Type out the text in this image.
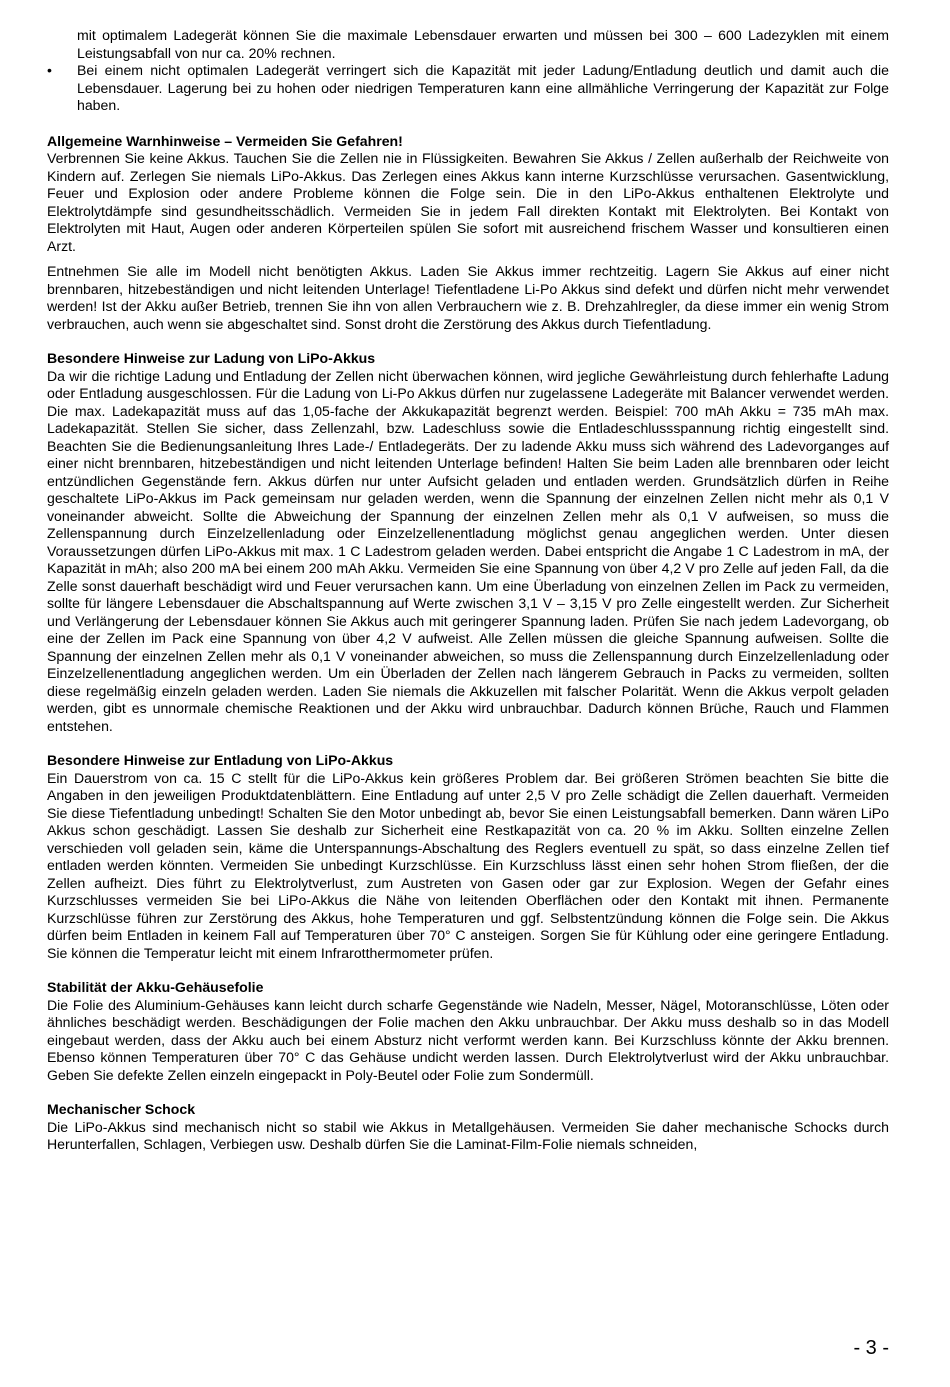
mit optimalem Ladegerät können Sie die maximale Lebensdauer erwarten und müssen bei 300 – 600 Ladezyklen mit einem Leistungsabfall von nur ca. 20% rechnen.
• Bei einem nicht optimalen Ladegerät verringert sich die Kapazität mit jeder Ladung/Entladung deutlich und damit auch die Lebensdauer. Lagerung bei zu hohen oder niedrigen Temperaturen kann eine allmähliche Verringerung der Kapazität zur Folge haben.

Allgemeine Warnhinweise – Vermeiden Sie Gefahren!

Verbrennen Sie keine Akkus. Tauchen Sie die Zellen nie in Flüssigkeiten. Bewahren Sie Akkus / Zellen außerhalb der Reichweite von Kindern auf. Zerlegen Sie niemals LiPo-Akkus. Das Zerlegen eines Akkus kann interne Kurzschlüsse verursachen. Gasentwicklung, Feuer und Explosion oder andere Probleme können die Folge sein. Die in den LiPo-Akkus enthaltenen Elektrolyte und Elektrolytdämpfe sind gesundheitsschädlich. Vermeiden Sie in jedem Fall direkten Kontakt mit Elektrolyten. Bei Kontakt von Elektrolyten mit Haut, Augen oder anderen Körperteilen spülen Sie sofort mit ausreichend frischem Wasser und konsultieren einen Arzt.

Entnehmen Sie alle im Modell nicht benötigten Akkus. Laden Sie Akkus immer rechtzeitig. Lagern Sie Akkus auf einer nicht brennbaren, hitzebeständigen und nicht leitenden Unterlage! Tiefentladene Li-Po Akkus sind defekt und dürfen nicht mehr verwendet werden! Ist der Akku außer Betrieb, trennen Sie ihn von allen Verbrauchern wie z. B. Drehzahlregler, da diese immer ein wenig Strom verbrauchen, auch wenn sie abgeschaltet sind. Sonst droht die Zerstörung des Akkus durch Tiefentladung.

Besondere Hinweise zur Ladung von LiPo-Akkus

Da wir die richtige Ladung und Entladung der Zellen nicht überwachen können, wird jegliche Gewährleistung durch fehlerhafte Ladung oder Entladung ausgeschlossen. Für die Ladung von Li-Po Akkus dürfen nur zugelassene Ladegeräte mit Balancer verwendet werden. Die max. Ladekapazität muss auf das 1,05-fache der Akkukapazität begrenzt werden. Beispiel: 700 mAh Akku = 735 mAh max. Ladekapazität. Stellen Sie sicher, dass Zellenzahl, bzw. Ladeschluss sowie die Entladeschlussspannung richtig eingestellt sind. Beachten Sie die Bedienungsanleitung Ihres Lade-/ Entladegeräts. Der zu ladende Akku muss sich während des Ladevorganges auf einer nicht brennbaren, hitzebeständigen und nicht leitenden Unterlage befinden! Halten Sie beim Laden alle brennbaren oder leicht entzündlichen Gegenstände fern. Akkus dürfen nur unter Aufsicht geladen und entladen werden. Grundsätzlich dürfen in Reihe geschaltete LiPo-Akkus im Pack gemeinsam nur geladen werden, wenn die Spannung der einzelnen Zellen nicht mehr als 0,1 V voneinander abweicht. Sollte die Abweichung der Spannung der einzelnen Zellen mehr als 0,1 V aufweisen, so muss die Zellenspannung durch Einzelzellenladung oder Einzelzellenentladung möglichst genau angeglichen werden. Unter diesen Voraussetzungen dürfen LiPo-Akkus mit max. 1 C Ladestrom geladen werden. Dabei entspricht die Angabe 1 C Ladestrom in mA, der Kapazität in mAh; also 200 mA bei einem 200 mAh Akku. Vermeiden Sie eine Spannung von über 4,2 V pro Zelle auf jeden Fall, da die Zelle sonst dauerhaft beschädigt wird und Feuer verursachen kann. Um eine Überladung von einzelnen Zellen im Pack zu vermeiden, sollte für längere Lebensdauer die Abschaltspannung auf Werte zwischen 3,1 V – 3,15 V pro Zelle eingestellt werden. Zur Sicherheit und Verlängerung der Lebensdauer können Sie Akkus auch mit geringerer Spannung laden. Prüfen Sie nach jedem Ladevorgang, ob eine der Zellen im Pack eine Spannung von über 4,2 V aufweist. Alle Zellen müssen die gleiche Spannung aufweisen. Sollte die Spannung der einzelnen Zellen mehr als 0,1 V voneinander abweichen, so muss die Zellenspannung durch Einzelzellenladung oder Einzelzellenentladung angeglichen werden. Um ein Überladen der Zellen nach längerem Gebrauch in Packs zu vermeiden, sollten diese regelmäßig einzeln geladen werden. Laden Sie niemals die Akkuzellen mit falscher Polarität. Wenn die Akkus verpolt geladen werden, gibt es unnormale chemische Reaktionen und der Akku wird unbrauchbar. Dadurch können Brüche, Rauch und Flammen entstehen.

Besondere Hinweise zur Entladung von LiPo-Akkus

Ein Dauerstrom von ca. 15 C stellt für die LiPo-Akkus kein größeres Problem dar. Bei größeren Strömen beachten Sie bitte die Angaben in den jeweiligen Produktdatenblättern. Eine Entladung auf unter 2,5 V pro Zelle schädigt die Zellen dauerhaft. Vermeiden Sie diese Tiefentladung unbedingt! Schalten Sie den Motor unbedingt ab, bevor Sie einen Leistungsabfall bemerken. Dann wären LiPo Akkus schon geschädigt. Lassen Sie deshalb zur Sicherheit eine Restkapazität von ca. 20 % im Akku. Sollten einzelne Zellen verschieden voll geladen sein, käme die Unterspannungs-Abschaltung des Reglers eventuell zu spät, so dass einzelne Zellen tief entladen werden könnten. Vermeiden Sie unbedingt Kurzschlüsse. Ein Kurzschluss lässt einen sehr hohen Strom fließen, der die Zellen aufheizt. Dies führt zu Elektrolytverlust, zum Austreten von Gasen oder gar zur Explosion. Wegen der Gefahr eines Kurzschlusses vermeiden Sie bei LiPo-Akkus die Nähe von leitenden Oberflächen oder den Kontakt mit ihnen. Permanente Kurzschlüsse führen zur Zerstörung des Akkus, hohe Temperaturen und ggf. Selbstentzündung können die Folge sein. Die Akkus dürfen beim Entladen in keinem Fall auf Temperaturen über 70° C ansteigen. Sorgen Sie für Kühlung oder eine geringere Entladung. Sie können die Temperatur leicht mit einem Infrarotthermometer prüfen.

Stabilität der Akku-Gehäusefolie

Die Folie des Aluminium-Gehäuses kann leicht durch scharfe Gegenstände wie Nadeln, Messer, Nägel, Motoranschlüsse, Löten oder ähnliches beschädigt werden. Beschädigungen der Folie machen den Akku unbrauchbar. Der Akku muss deshalb so in das Modell eingebaut werden, dass der Akku auch bei einem Absturz nicht verformt werden kann. Bei Kurzschluss könnte der Akku brennen. Ebenso können Temperaturen über 70° C das Gehäuse undicht werden lassen. Durch Elektrolytverlust wird der Akku unbrauchbar. Geben Sie defekte Zellen einzeln eingepackt in Poly-Beutel oder Folie zum Sondermüll.

Mechanischer Schock

Die LiPo-Akkus sind mechanisch nicht so stabil wie Akkus in Metallgehäusen. Vermeiden Sie daher mechanische Schocks durch Herunterfallen, Schlagen, Verbiegen usw. Deshalb dürfen Sie die Laminat-Film-Folie niemals schneiden,

- 3 -
